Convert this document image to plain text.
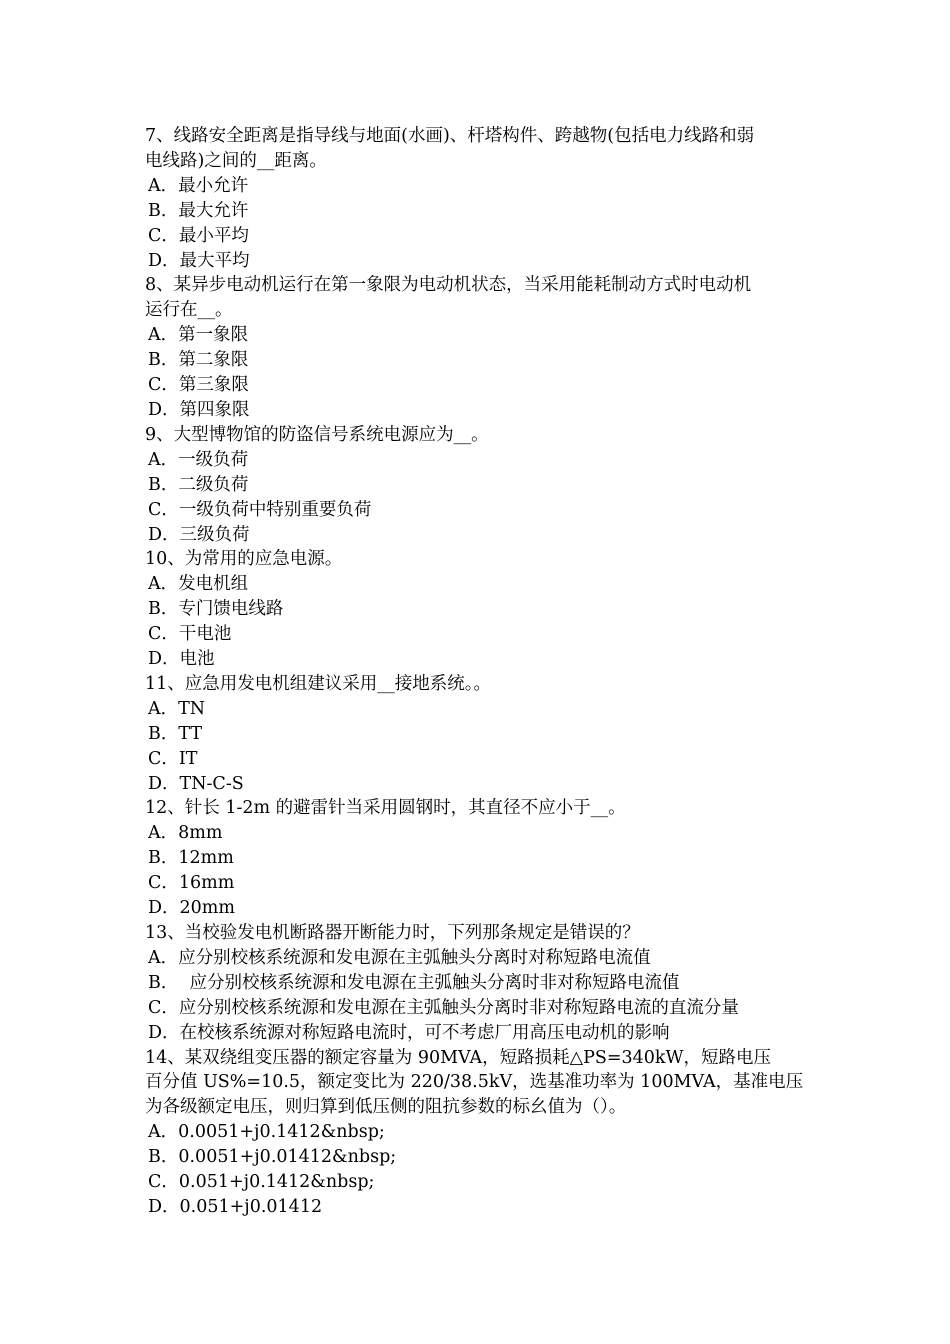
7、线路安全距离是指导线与地面(水画)、杆塔构件、跨越物(包括电力线路和弱
电线路)之间的__距离。
A．最小允许
B．最大允许
C．最小平均
D．最大平均
8、某异步电动机运行在第一象限为电动机状态，当采用能耗制动方式时电动机
运行在__。
A．第一象限
B．第二象限
C．第三象限
D．第四象限
9、大型博物馆的防盗信号系统电源应为__。
A．一级负荷
B．二级负荷
C．一级负荷中特别重要负荷
D．三级负荷
10、为常用的应急电源。
A．发电机组
B．专门馈电线路
C．干电池
D．电池
11、应急用发电机组建议采用__接地系统。。
A．TN
B．TT
C．IT
D．TN-C-S
12、针长 1-2m 的避雷针当采用圆钢时，其直径不应小于__。
A．8mm
B．12mm
C．16mm
D．20mm
13、当校验发电机断路器开断能力时，下列那条规定是错误的？
A．应分别校核系统源和发电源在主弧触头分离时对称短路电流值
B．  应分别校核系统源和发电源在主弧触头分离时非对称短路电流值
C．应分别校核系统源和发电源在主弧触头分离时非对称短路电流的直流分量
D．在校核系统源对称短路电流时，可不考虑厂用高压电动机的影响
14、某双绕组变压器的额定容量为 90MVA，短路损耗△PS=340kW，短路电压
百分值 US%=10.5，额定变比为 220/38.5kV，选基准功率为 100MVA，基准电压
为各级额定电压，则归算到低压侧的阻抗参数的标幺值为（）。
A．0.0051+j0.1412&nbsp;
B．0.0051+j0.01412&nbsp;
C．0.051+j0.1412&nbsp;
D．0.051+j0.01412
